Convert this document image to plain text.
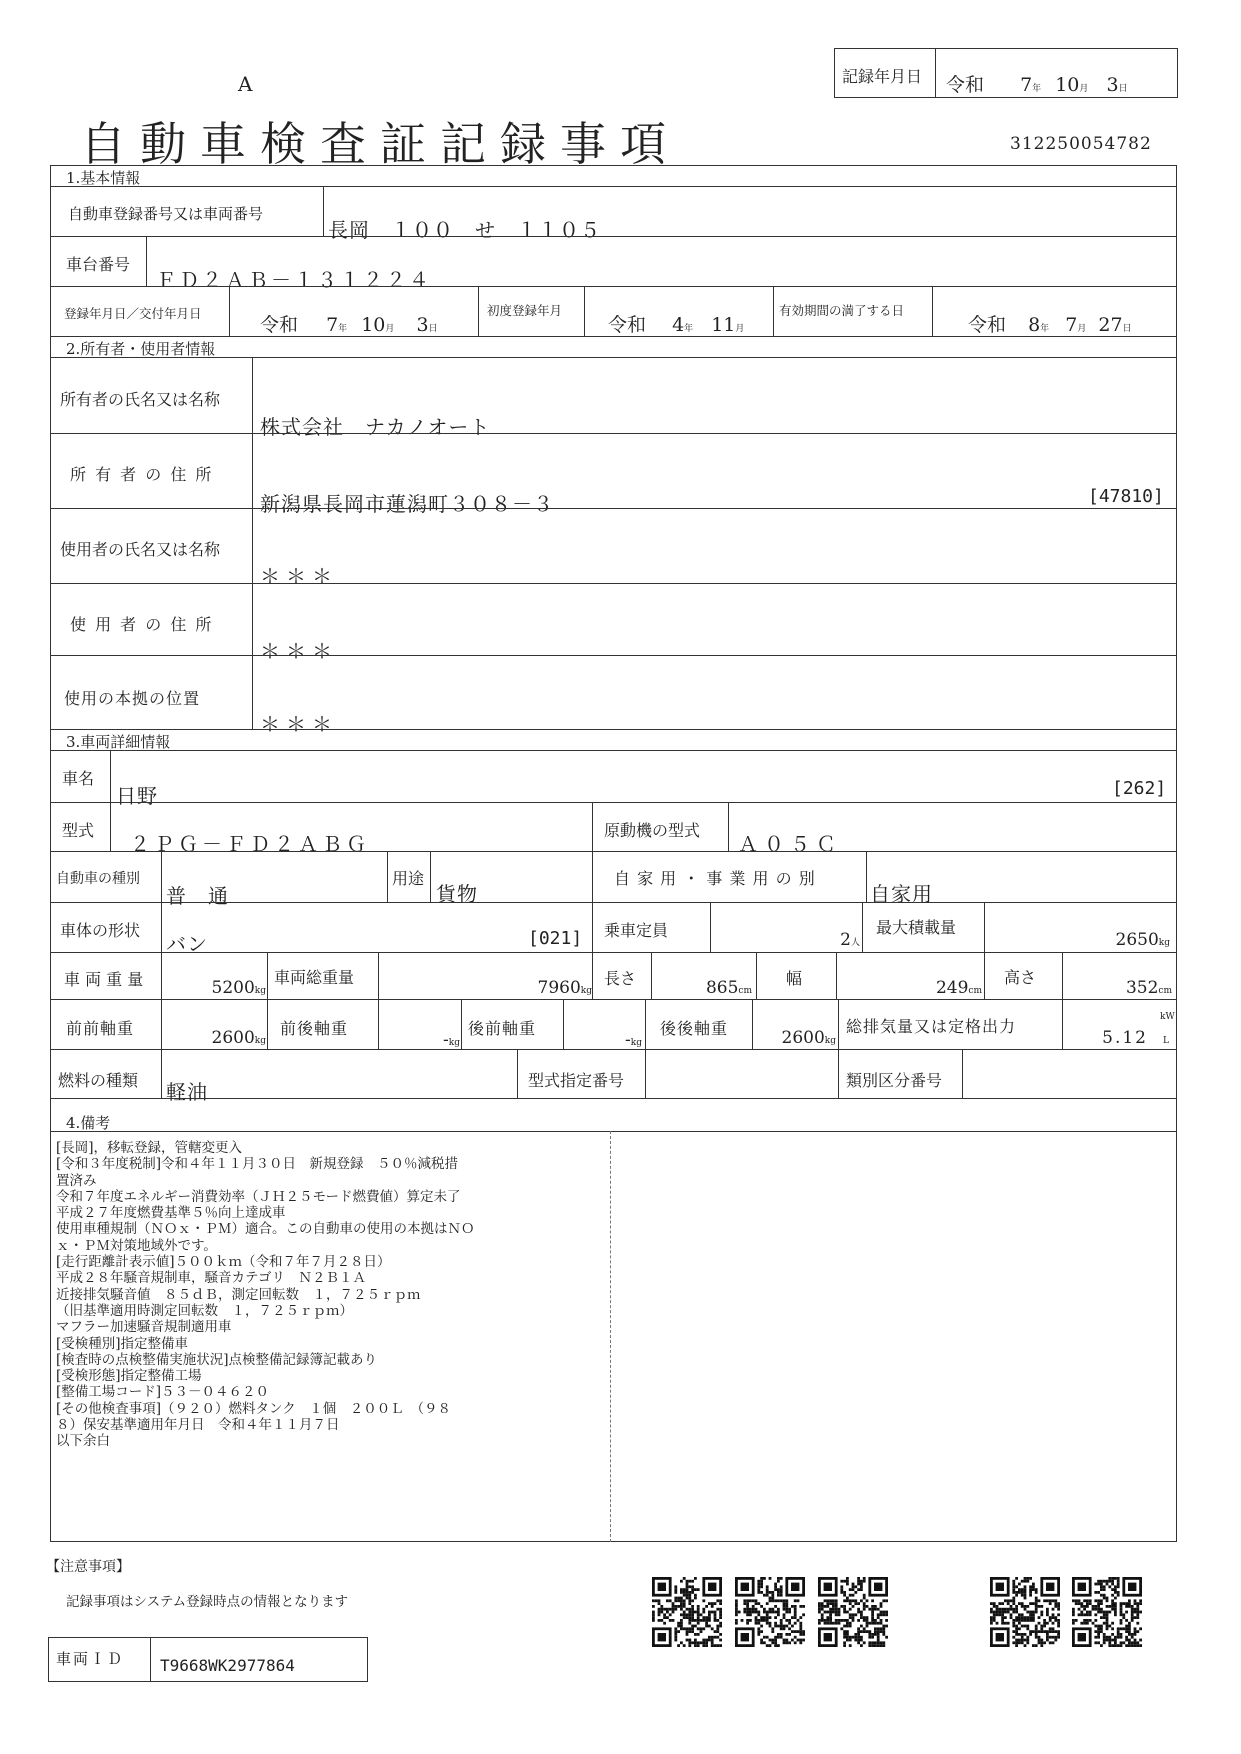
A
自動車検査証記録事項
記録年月日 令和 7年 10月 3日
312250054782
1.基本情報
自動車登録番号又は車両番号
長岡　１００　せ　１１０５
車台番号
ＦＤ２ＡＢ－１３１２２４
登録年月日／交付年月日
令和 7年 10月 3日
初度登録年月
令和 4年 11月
有効期間の満了する日
令和 8年 7月 27日
2.所有者・使用者情報
所有者の氏名又は名称
株式会社　ナカノオート
所 有 者 の 住 所
新潟県長岡市蓮潟町３０８－３	[47810]
使用者の氏名又は名称
＊＊＊
使 用 者 の 住 所
＊＊＊
使用の本拠の位置
＊＊＊
3.車両詳細情報
車名
日野	[262]
型式
２ＰＧ－ＦＤ２ＡＢＧ
原動機の型式
Ａ０５Ｃ
自動車の種別
普　通
用途
貨物
自 家 用 ・ 事 業 用 の 別
自家用
車体の形状
バン	[021] 乗車定員	2人
最大積載量
2650kg
車 両 重 量	5200kg
車両総重量
7960kg
長さ	865cm
幅	249cm
高さ
352cm
前前軸重	2600kg
前後軸重
-kg
後前軸重
-kg
後後軸重	2600kg
総排気量又は定格出力
5.12
kW
L
燃料の種類 軽油	型式指定番号	類別区分番号
4.備考
[長岡]，移転登録，管轄変更入
[令和３年度税制]令和４年１１月３０日　新規登録　５０％減税措
置済み
令和７年度エネルギー消費効率（ＪＨ２５モード燃費値）算定未了
平成２７年度燃費基準５％向上達成車
使用車種規制（ＮＯｘ・ＰＭ）適合。この自動車の使用の本拠はＮＯ
ｘ・ＰＭ対策地域外です。
[走行距離計表示値]５００ｋｍ（令和７年７月２８日）
平成２８年騒音規制車，騒音カテゴリ　Ｎ２Ｂ１Ａ
近接排気騒音値　８５ｄＢ，測定回転数　１，７２５ｒｐｍ
（旧基準適用時測定回転数　１，７２５ｒｐｍ）
マフラー加速騒音規制適用車
[受検種別]指定整備車
[検査時の点検整備実施状況]点検整備記録簿記載あり
[受検形態]指定整備工場
[整備工場コード]５３－０４６２０
[その他検査事項]（９２０）燃料タンク　１個　２００Ｌ　（９８
８）保安基準適用年月日　令和４年１１月７日
以下余白
【注意事項】
記録事項はシステム登録時点の情報となります
車両ＩＤ T9668WK2977864
